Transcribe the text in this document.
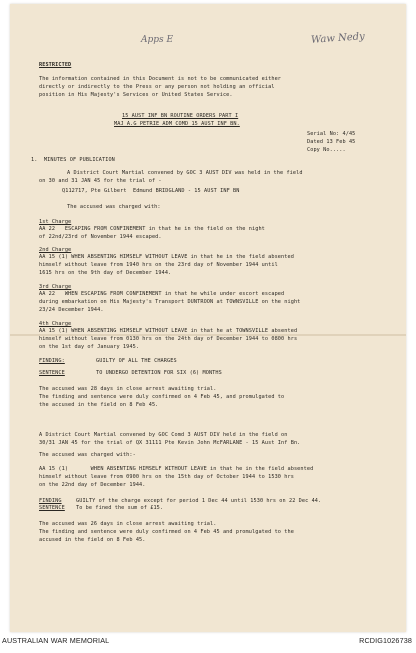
Apps E	Waw Nedy
RESTRICTED
The information contained in this Document is not to be communicated either
directly or indirectly to the Press or any person not holding an official
position in His Majesty's Services or United States Service.
15 AUST INF BN ROUTINE ORDERS PART I
MAJ A.G PETRIE ADM COMD 15 AUST INF BN.
Serial No: 4/45
Dated 13 Feb 45
Copy No.....
1.  MINUTES OF PUBLICATION
A District Court Martial convened by GOC 3 AUST DIV was held in the field
on 30 and 31 JAN 45 for the trial of -
Q112717, Pte Gilbert  Edmund BRIDGLAND - 15 AUST INF BN
The accused was charged with:
1st Charge
AA 22   ESCAPING FROM CONFINEMENT in that he in the field on the night
of 22nd/23rd of November 1944 escaped.
2nd Charge
AA 15 (1) WHEN ABSENTING HIMSELF WITHOUT LEAVE in that he in the field absented
himself without leave from 1940 hrs on the 23rd day of November 1944 until
1615 hrs on the 9th day of December 1944.
3rd Charge
AA 22   WHEN ESCAPING FROM CONFINEMENT in that he while under escort escaped
during embarkation on His Majesty's Transport DUNTROON at TOWNSVILLE on the night
23/24 December 1944.
4th Charge
AA 15 (1) WHEN ABSENTING HIMSELF WITHOUT LEAVE in that he at TOWNSVILLE absented
himself without leave from 0130 hrs on the 24th day of December 1944 to 0800 hrs
on the 1st day of January 1945.
FINDING:	GUILTY OF ALL THE CHARGES
SENTENCE	TO UNDERGO DETENTION FOR SIX (6) MONTHS
The accused was 28 days in close arrest awaiting trial.
The finding and sentence were duly confirmed on 4 Feb 45, and promulgated to
the accused in the field on 8 Feb 45.
A District Court Martial convened by GOC Comd 3 AUST DIV held in the field on
30/31 JAN 45 for the trial of QX 31111 Pte Kevin John McFARLANE - 15 Aust Inf Bn.
The accused was charged with:-
AA 15 (1)       WHEN ABSENTING HIMSELF WITHOUT LEAVE in that he in the field absented
himself without leave from 0900 hrs on the 15th day of October 1944 to 1530 hrs
on the 22nd day of December 1944.
FINDING	GUILTY of the charge except for period 1 Dec 44 until 1530 hrs on 22 Dec 44.
SENTENCE To be fined the sum of £15.
The accused was 26 days in close arrest awaiting trial.
The finding and sentence were duly confirmed on 4 Feb 45 and promulgated to the
accused in the field on 8 Feb 45.
AUSTRALIAN WAR MEMORIAL	RCDIG1026738
